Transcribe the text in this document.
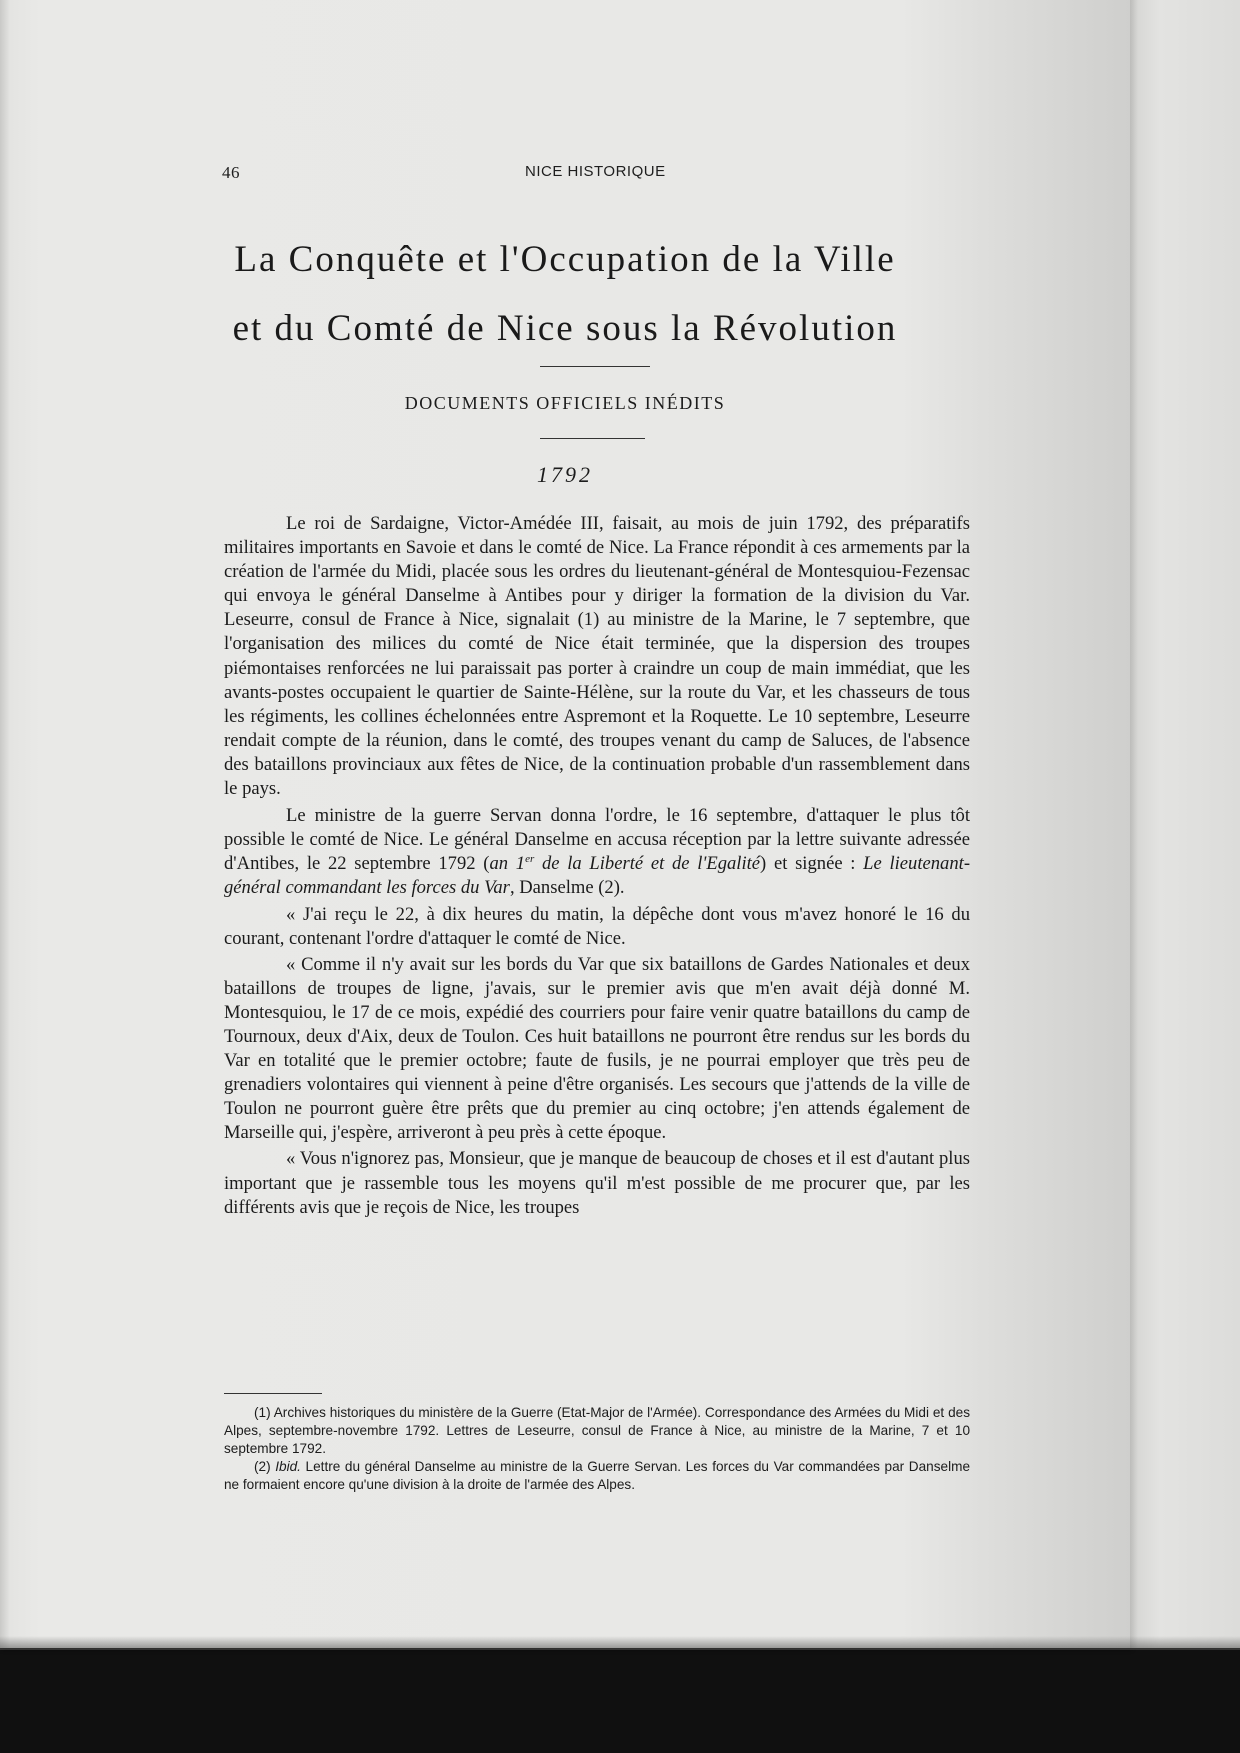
46	NICE HISTORIQUE
La Conquête et l'Occupation de la Ville
et du Comté de Nice sous la Révolution
DOCUMENTS OFFICIELS INÉDITS
1792

Le roi de Sardaigne, Victor-Amédée III, faisait, au mois de juin 1792, des préparatifs militaires importants en Savoie et dans le comté de Nice. La France répondit à ces armements par la création de l'armée du Midi, placée sous les ordres du lieutenant-général de Montesquiou-Fezensac qui envoya le général Danselme à Antibes pour y diriger la formation de la division du Var. Leseurre, consul de France à Nice, signalait (1) au ministre de la Marine, le 7 septembre, que l'organisation des milices du comté de Nice était terminée, que la dispersion des troupes piémontaises renforcées ne lui paraissait pas porter à craindre un coup de main immédiat, que les avants-postes occupaient le quartier de Sainte-Hélène, sur la route du Var, et les chasseurs de tous les régiments, les collines échelonnées entre Aspremont et la Roquette. Le 10 septembre, Leseurre rendait compte de la réunion, dans le comté, des troupes venant du camp de Saluces, de l'absence des bataillons provinciaux aux fêtes de Nice, de la continuation probable d'un rassemblement dans le pays.

Le ministre de la guerre Servan donna l'ordre, le 16 septembre, d'attaquer le plus tôt possible le comté de Nice. Le général Danselme en accusa réception par la lettre suivante adressée d'Antibes, le 22 septembre 1792 (an 1er de la Liberté et de l'Egalité) et signée : Le lieutenant-général commandant les forces du Var, Danselme (2).

« J'ai reçu le 22, à dix heures du matin, la dépêche dont vous m'avez honoré le 16 du courant, contenant l'ordre d'attaquer le comté de Nice.

« Comme il n'y avait sur les bords du Var que six bataillons de Gardes Nationales et deux bataillons de troupes de ligne, j'avais, sur le premier avis que m'en avait déjà donné M. Montesquiou, le 17 de ce mois, expédié des courriers pour faire venir quatre bataillons du camp de Tournoux, deux d'Aix, deux de Toulon. Ces huit bataillons ne pourront être rendus sur les bords du Var en totalité que le premier octobre; faute de fusils, je ne pourrai employer que très peu de grenadiers volontaires qui viennent à peine d'être organisés. Les secours que j'attends de la ville de Toulon ne pourront guère être prêts que du premier au cinq octobre; j'en attends également de Marseille qui, j'espère, arriveront à peu près à cette époque.

« Vous n'ignorez pas, Monsieur, que je manque de beaucoup de choses et il est d'autant plus important que je rassemble tous les moyens qu'il m'est possible de me procurer que, par les différents avis que je reçois de Nice, les troupes

(1) Archives historiques du ministère de la Guerre (Etat-Major de l'Armée). Correspondance des Armées du Midi et des Alpes, septembre-novembre 1792. Lettres de Leseurre, consul de France à Nice, au ministre de la Marine, 7 et 10 septembre 1792.

(2) Ibid. Lettre du général Danselme au ministre de la Guerre Servan. Les forces du Var commandées par Danselme ne formaient encore qu'une division à la droite de l'armée des Alpes.
